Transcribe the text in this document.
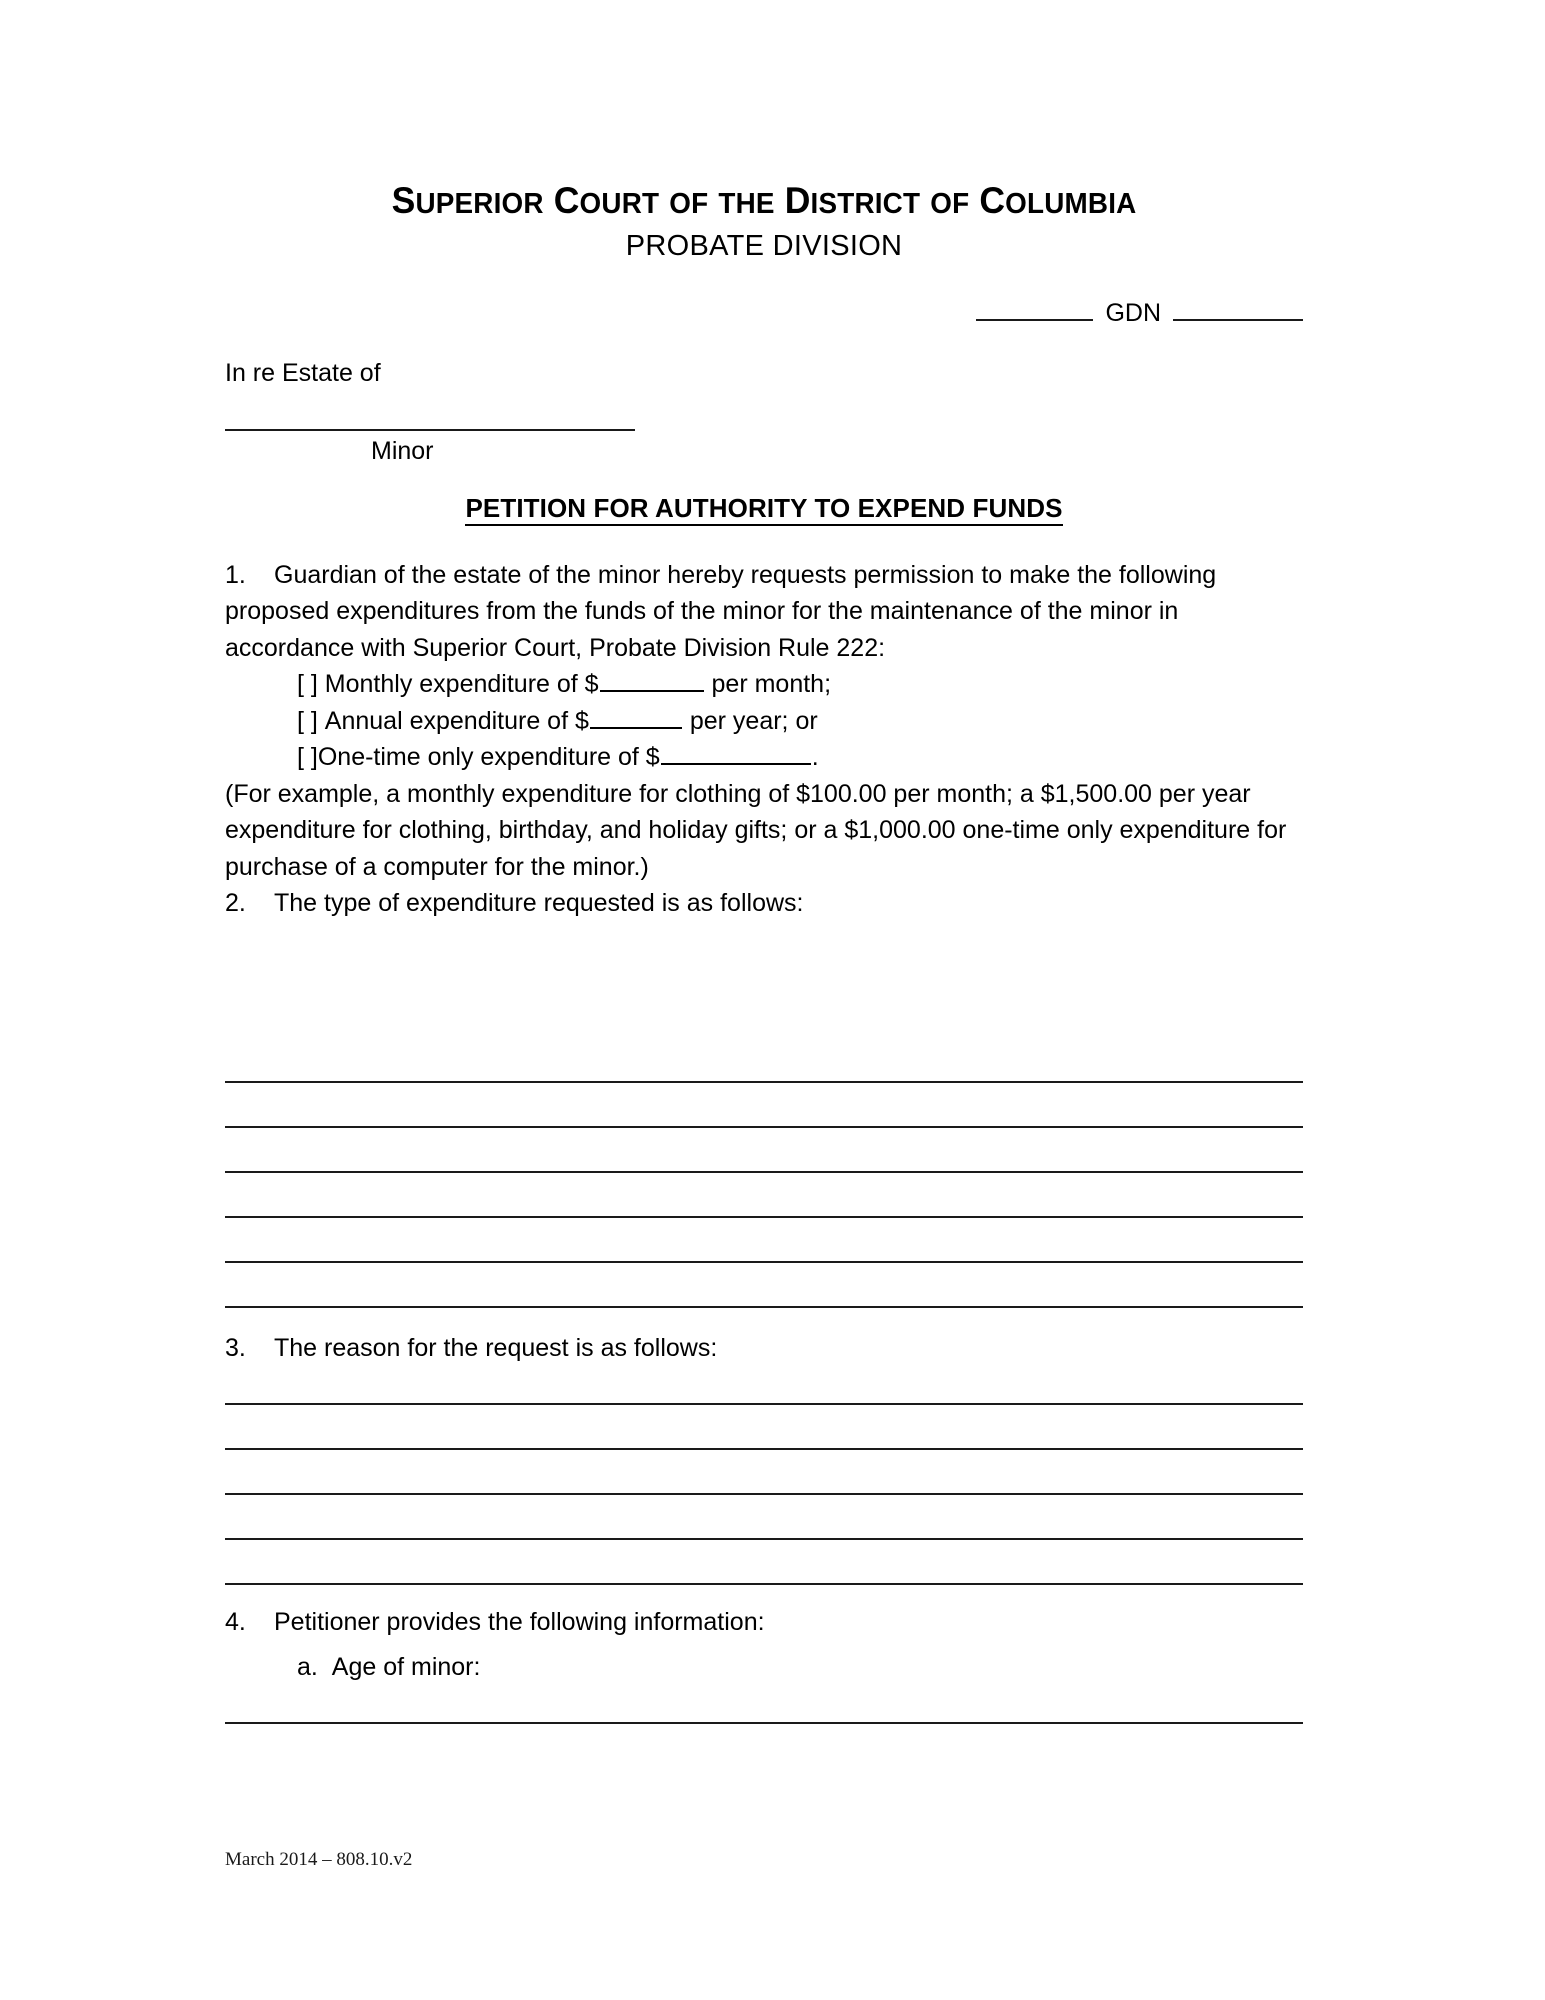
SUPERIOR COURT OF THE DISTRICT OF COLUMBIA
PROBATE DIVISION
GDN
In re Estate of
Minor
PETITION FOR AUTHORITY TO EXPEND FUNDS
1. Guardian of the estate of the minor hereby requests permission to make the following proposed expenditures from the funds of the minor for the maintenance of the minor in accordance with Superior Court, Probate Division Rule 222:
[ ] Monthly expenditure of $	per month;
[ ] Annual expenditure of $	per year; or
[ ]One-time only expenditure of $	.
(For example, a monthly expenditure for clothing of $100.00 per month; a $1,500.00 per year expenditure for clothing, birthday, and holiday gifts; or a $1,000.00 one-time only expenditure for purchase of a computer for the minor.)
2. The type of expenditure requested is as follows:
3. The reason for the request is as follows:
4. Petitioner provides the following information:
a. Age of minor:
March 2014 – 808.10.v2
